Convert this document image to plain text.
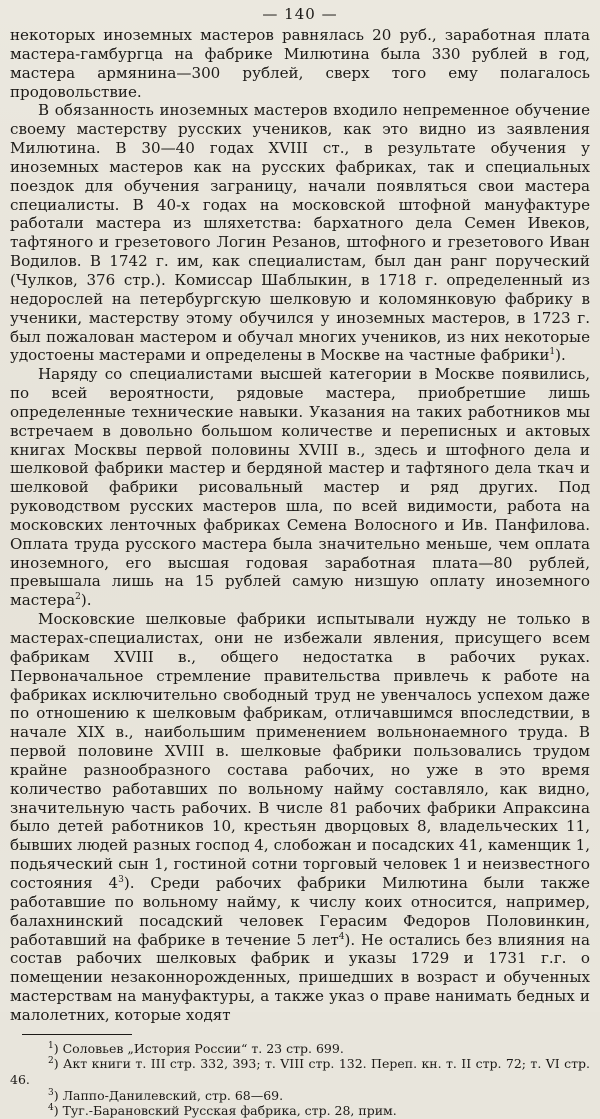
— 140 —

некоторых иноземных мастеров равнялась 20 руб., заработная плата мастера-гамбургца на фабрике Милютина была 330 рублей в год, мастера армянина—300 рублей, сверх того ему полагалось продовольствие.

В обязанность иноземных мастеров входило непременное обучение своему мастерству русских учеников, как это видно из заявления Милютина. В 30—40 годах XVIII ст., в результате обучения у иноземных мастеров как на русских фабриках, так и специальных поездок для обучения заграницу, начали появляться свои мастера специалисты. В 40-х годах на московской штофной мануфактуре работали мастера из шляхетства: бархатного дела Семен Ивеков, тафтяного и грезетового Логин Резанов, штофного и грезетового Иван Водилов. В 1742 г. им, как специалистам, был дан ранг поруческий (Чулков, 376 стр.). Комиссар Шаблыкин, в 1718 г. определенный из недорослей на петербургскую шелковую и коломянковую фабрику в ученики, мастерству этому обучился у иноземных мастеров, в 1723 г. был пожалован мастером и обучал многих учеников, из них некоторые удостоены мастерами и определены в Москве на частные фабрики$^1$).

Наряду со специалистами высшей категории в Москве появились, по всей вероятности, рядовые мастера, приобретшие лишь определенные технические навыки. Указания на таких работников мы встречаем в довольно большом количестве и переписных и актовых книгах Москвы первой половины XVIII в., здесь и штофного дела и шелковой фабрики мастер и бердяной мастер и тафтяного дела ткач и шелковой фабрики рисовальный мастер и ряд других. Под руководством русских мастеров шла, по всей видимости, работа на московских ленточных фабриках Семена Волосного и Ив. Панфилова. Оплата труда русского мастера была значительно меньше, чем оплата иноземного, его высшая годовая заработная плата—80 рублей, превышала лишь на 15 рублей самую низшую оплату иноземного мастера$^2$).

Московские шелковые фабрики испытывали нужду не только в мастерах-специалистах, они не избежали явления, присущего всем фабрикам XVIII в., общего недостатка в рабочих руках. Первоначальное стремление правительства привлечь к работе на фабриках исключительно свободный труд не увенчалось успехом даже по отношению к шелковым фабрикам, отличавшимся впоследствии, в начале XIX в., наибольшим применением вольнонаемного труда. В первой половине XVIII в. шелковые фабрики пользовались трудом крайне разнообразного состава рабочих, но уже в это время количество работавших по вольному найму составляло, как видно, значительную часть рабочих. В числе 81 рабочих фабрики Апраксина было детей работников 10, крестьян дворцовых 8, владельческих 11, бывших людей разных господ 4, слобожан и посадских 41, каменщик 1, подьяческий сын 1, гостиной сотни торговый человек 1 и неизвестного состояния $4^3$). Среди рабочих фабрики Милютина были также работавшие по вольному найму, к числу коих относится, например, балахнинский посадский человек Герасим Федоров Половинкин, работавший на фабрике в течение 5 лет$^4$). Не остались без влияния на состав рабочих шелковых фабрик и указы 1729 и 1731 г.г. о помещении незаконнорожденных, пришедших в возраст и обученных мастерствам на мануфактуры, а также указ о праве нанимать бедных и малолетних, которые ходят

$^1$) Соловьев „История России“ т. 23 стр. 699.

$^2$) Акт книги т. III стр. 332, 393; т. VIII стр. 132. Переп. кн. т. II стр. 72; т. VI стр. 46.

$^3$) Лаппо-Данилевский, стр. 68—69.

$^4$) Туг.-Барановский Русская фабрика, стр. 28, прим.
